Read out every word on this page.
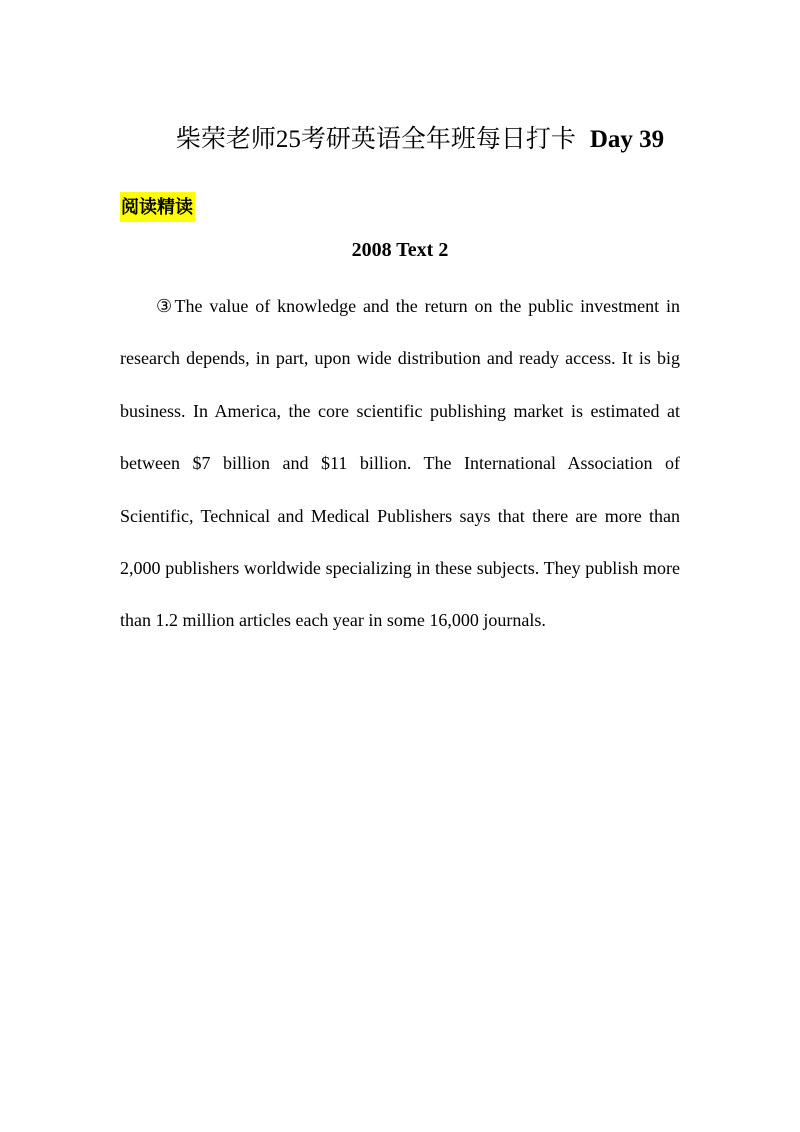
柴荣老师25考研英语全年班每日打卡 Day 39
阅读精读
2008 Text 2

③The value of knowledge and the return on the public investment in research depends, in part, upon wide distribution and ready access. It is big business. In America, the core scientific publishing market is estimated at between $7 billion and $11 billion. The International Association of Scientific, Technical and Medical Publishers says that there are more than 2,000 publishers worldwide specializing in these subjects. They publish more than 1.2 million articles each year in some 16,000 journals.
